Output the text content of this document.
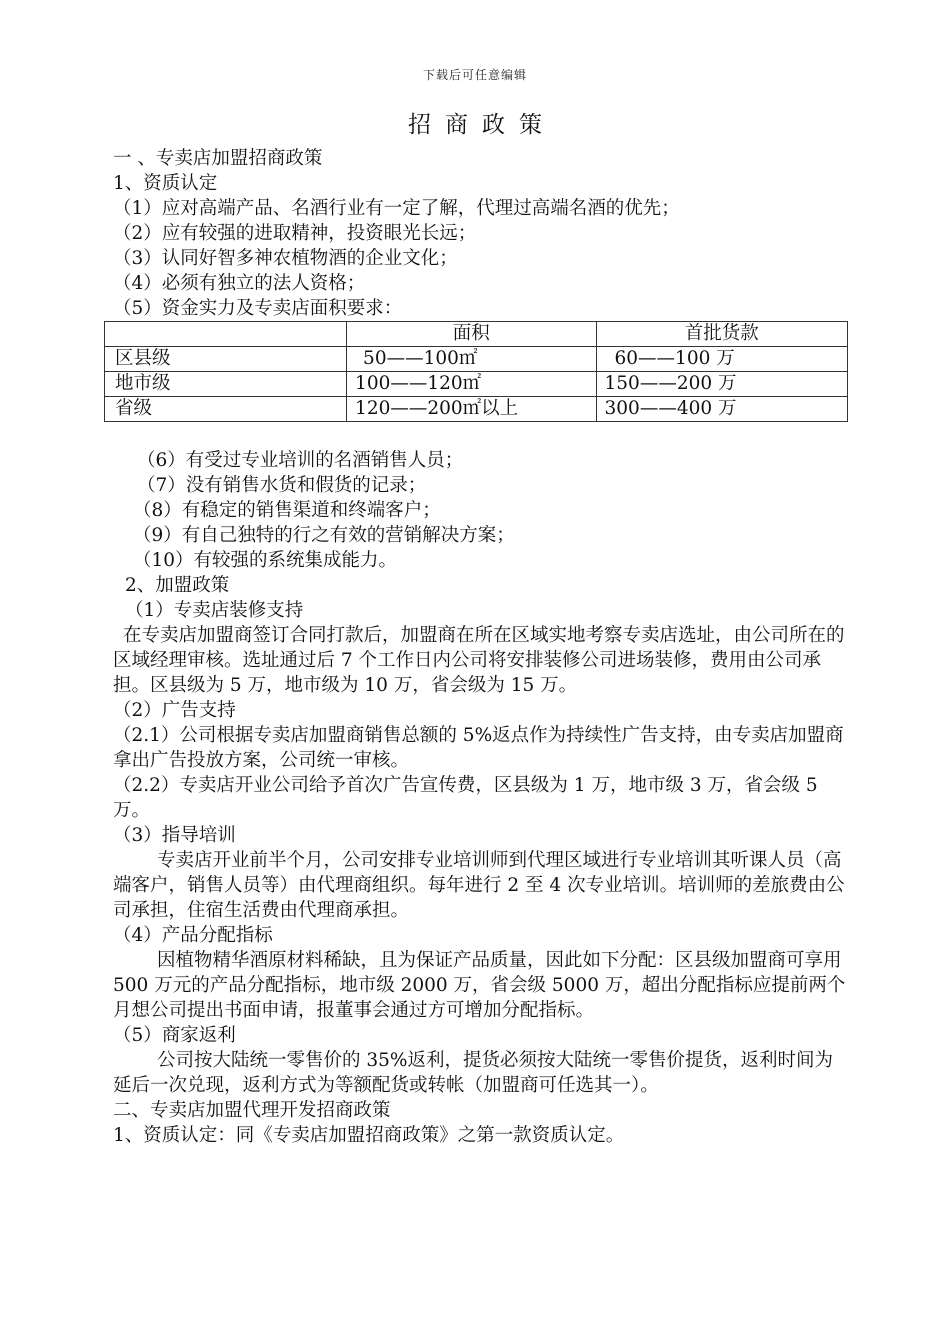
下载后可任意编辑
招商政策
一 、专卖店加盟招商政策
1、资质认定
（1）应对高端产品、名酒行业有一定了解，代理过高端名酒的优先；
（2）应有较强的进取精神，投资眼光长远；
（3）认同好智多神农植物酒的企业文化；
（4）必须有独立的法人资格；
（5）资金实力及专卖店面积要求：
	面积	首批货款
区县级	50——100㎡	60——100 万
地市级	100——120㎡	150——200 万
省级	120——200㎡以上	300——400 万
（6）有受过专业培训的名酒销售人员；
（7）没有销售水货和假货的记录；
（8）有稳定的销售渠道和终端客户；
（9）有自己独特的行之有效的营销解决方案；
（10）有较强的系统集成能力。
2、加盟政策
（1）专卖店装修支持
在专卖店加盟商签订合同打款后，加盟商在所在区域实地考察专卖店选址，由公司所在的区域经理审核。选址通过后 7 个工作日内公司将安排装修公司进场装修，费用由公司承担。区县级为 5 万，地市级为 10 万，省会级为 15 万。
（2）广告支持
（2.1）公司根据专卖店加盟商销售总额的 5%返点作为持续性广告支持，由专卖店加盟商拿出广告投放方案，公司统一审核。
（2.2）专卖店开业公司给予首次广告宣传费，区县级为 1 万，地市级 3 万，省会级 5 万。
（3）指导培训
专卖店开业前半个月，公司安排专业培训师到代理区域进行专业培训其听课人员（高端客户，销售人员等）由代理商组织。每年进行 2 至 4 次专业培训。培训师的差旅费由公司承担，住宿生活费由代理商承担。
（4）产品分配指标
因植物精华酒原材料稀缺，且为保证产品质量，因此如下分配：区县级加盟商可享用 500 万元的产品分配指标，地市级 2000 万，省会级 5000 万，超出分配指标应提前两个月想公司提出书面申请，报董事会通过方可增加分配指标。
（5）商家返利
公司按大陆统一零售价的 35%返利，提货必须按大陆统一零售价提货，返利时间为延后一次兑现，返利方式为等额配货或转帐（加盟商可任选其一）。
二、专卖店加盟代理开发招商政策
1、资质认定：同《专卖店加盟招商政策》之第一款资质认定。
